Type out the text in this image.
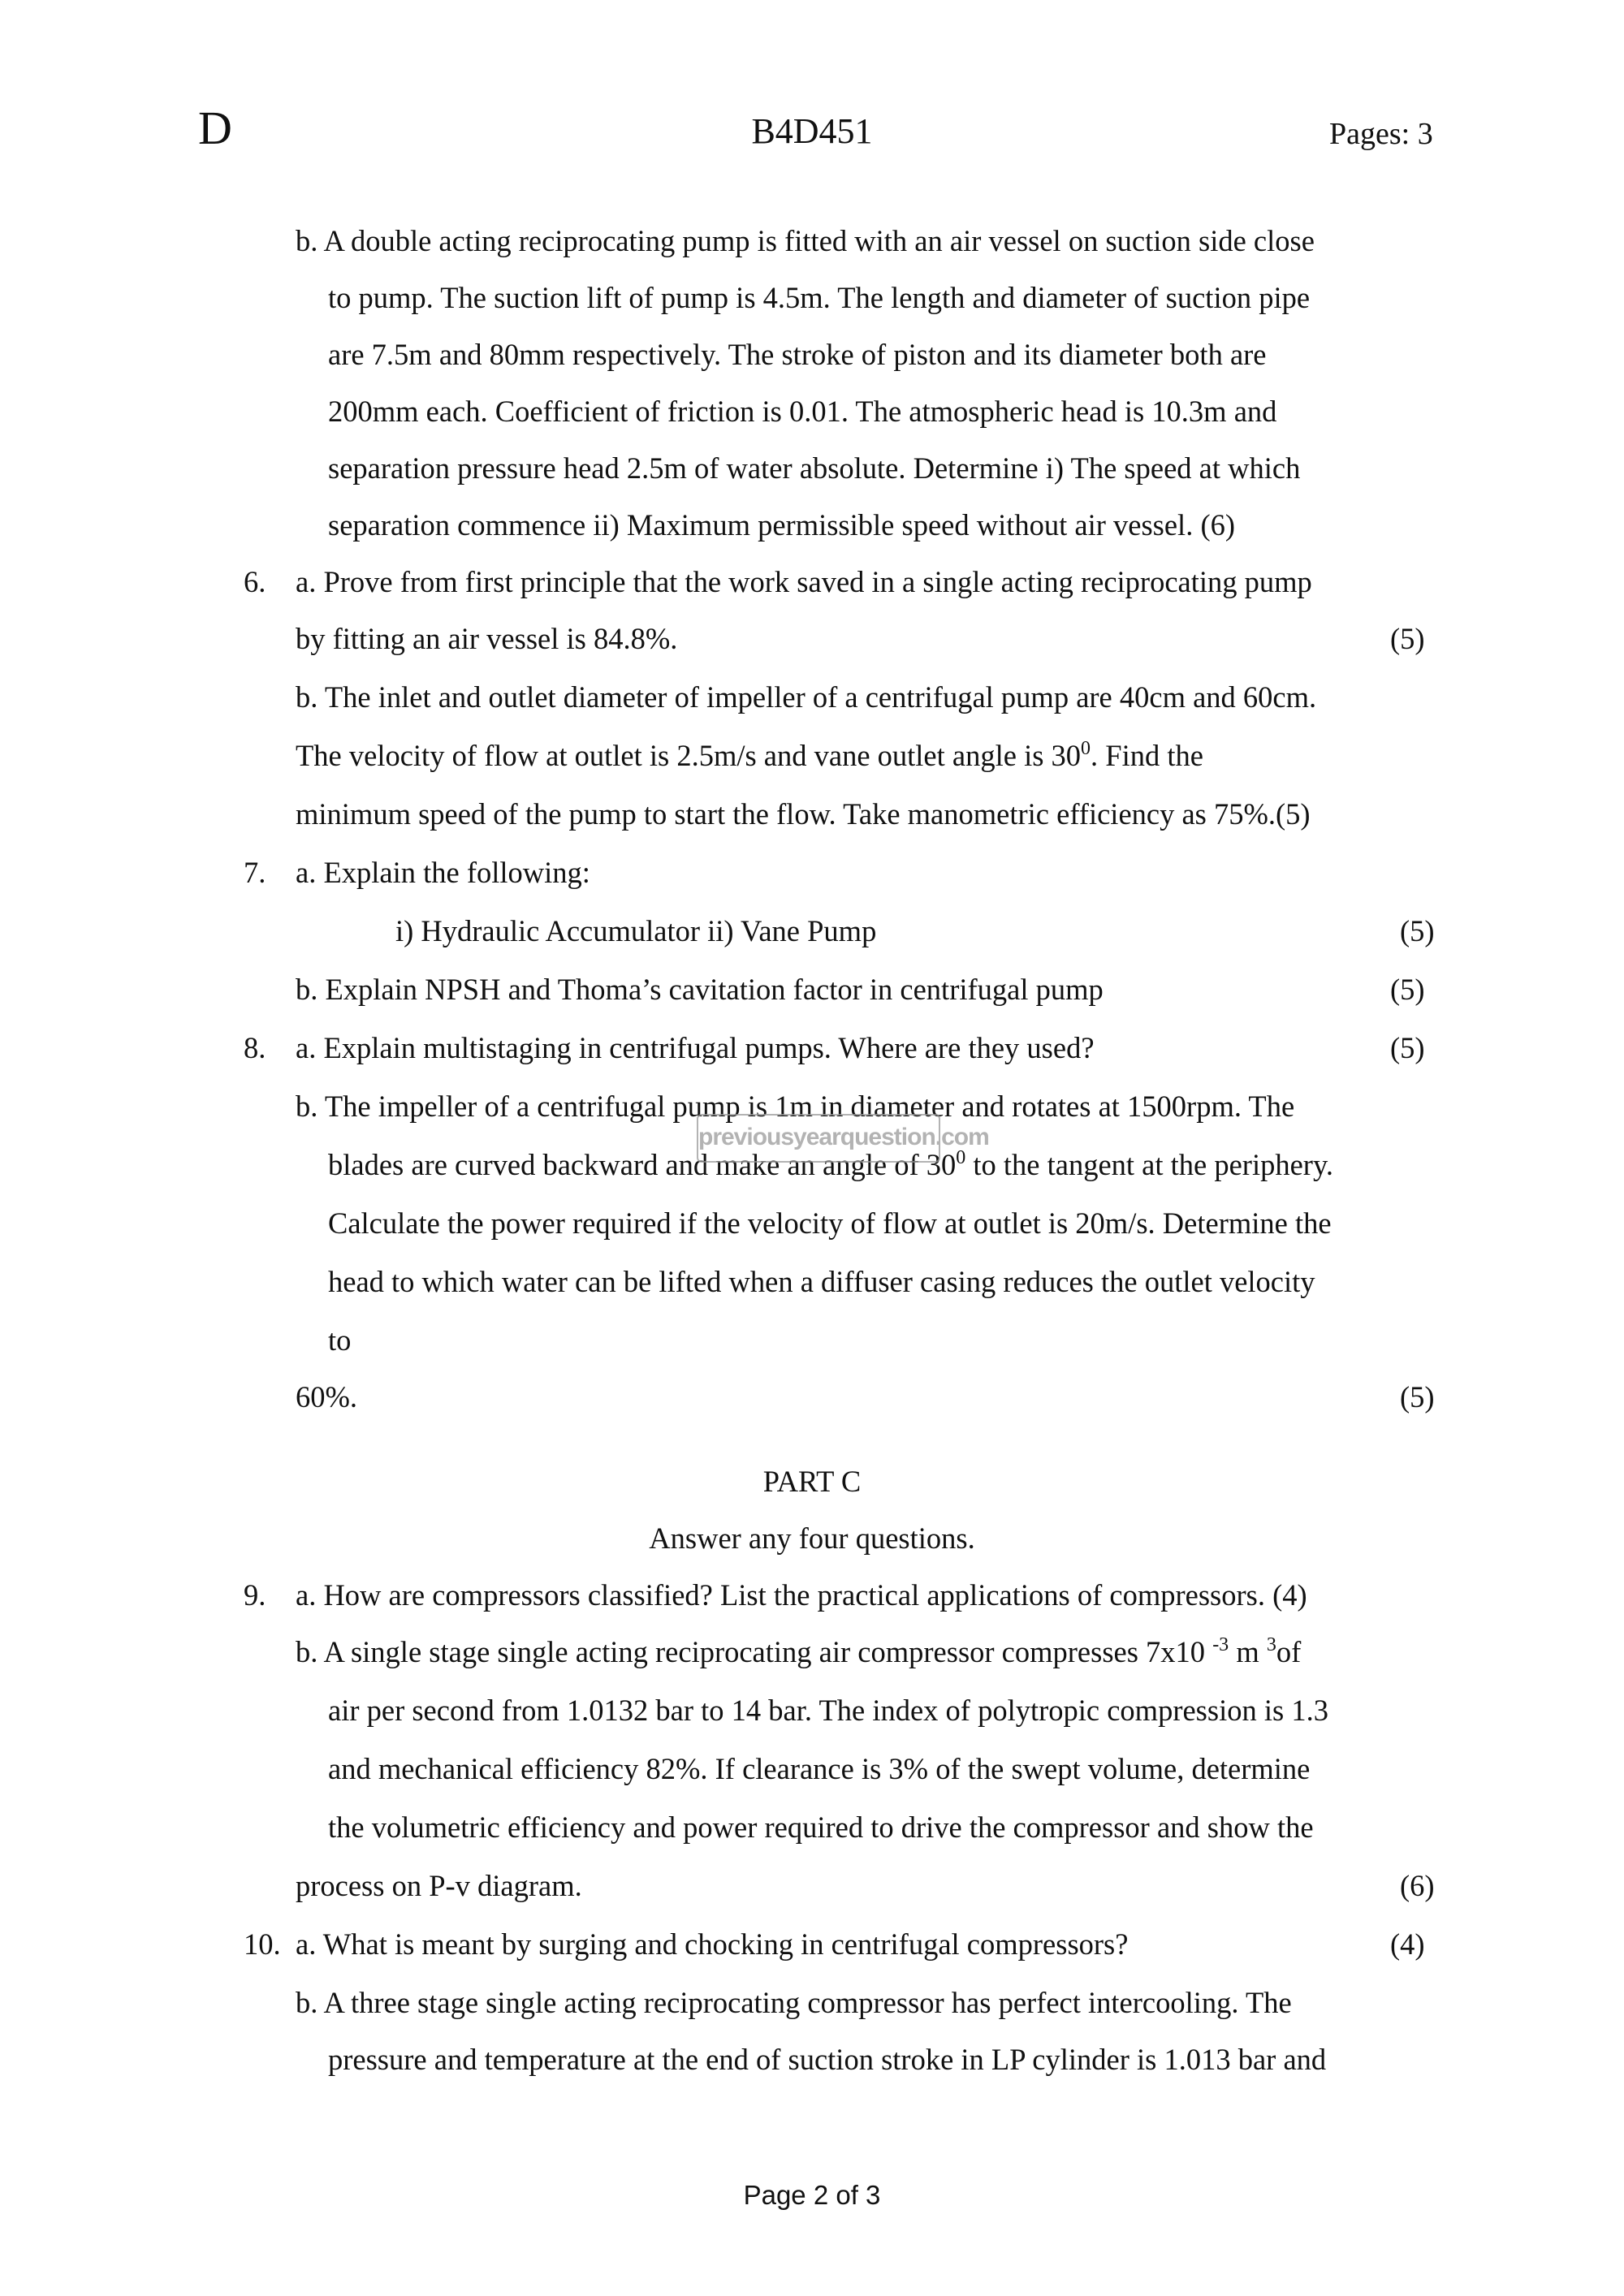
D	B4D451	Pages: 3
b. A double acting reciprocating pump is fitted with an air vessel on suction side close
to pump. The suction lift of pump is 4.5m. The length and diameter of suction pipe
are 7.5m and 80mm respectively. The stroke of piston and its diameter both are
200mm each. Coefficient of friction is 0.01. The atmospheric head is 10.3m and
separation pressure head 2.5m of water absolute. Determine i) The speed at which
separation commence ii) Maximum permissible speed without air vessel. (6)
6. a. Prove from first principle that the work saved in a single acting reciprocating pump
by fitting an air vessel is 84.8%.	(5)
b. The inlet and outlet diameter of impeller of a centrifugal pump are 40cm and 60cm.
The velocity of flow at outlet is 2.5m/s and vane outlet angle is $30^0$. Find the
minimum speed of the pump to start the flow. Take manometric efficiency as 75%.(5)
7. a. Explain the following:
i) Hydraulic Accumulator ii) Vane Pump	(5)
b. Explain NPSH and Thoma’s cavitation factor in centrifugal pump	(5)
8. a. Explain multistaging in centrifugal pumps. Where are they used?	(5)
b. The impeller of a centrifugal pump is 1m in diameter and rotates at 1500rpm. The
blades are curved backward and make an angle of $30^0$ to the tangent at the periphery.
Calculate the power required if the velocity of flow at outlet is 20m/s. Determine the
head to which water can be lifted when a diffuser casing reduces the outlet velocity
to
60%.	(5)
PART C
Answer any four questions.
9. a. How are compressors classified? List the practical applications of compressors. (4)
b. A single stage single acting reciprocating air compressor compresses 7x10 $^{-3}$ m $^3$of
air per second from 1.0132 bar to 14 bar. The index of polytropic compression is 1.3
and mechanical efficiency 82%. If clearance is 3% of the swept volume, determine
the volumetric efficiency and power required to drive the compressor and show the
process on P-v diagram.	(6)
10. a. What is meant by surging and chocking in centrifugal compressors?	(4)
b. A three stage single acting reciprocating compressor has perfect intercooling. The
pressure and temperature at the end of suction stroke in LP cylinder is 1.013 bar and
previousyearquestion.com
Page 2 of 3
